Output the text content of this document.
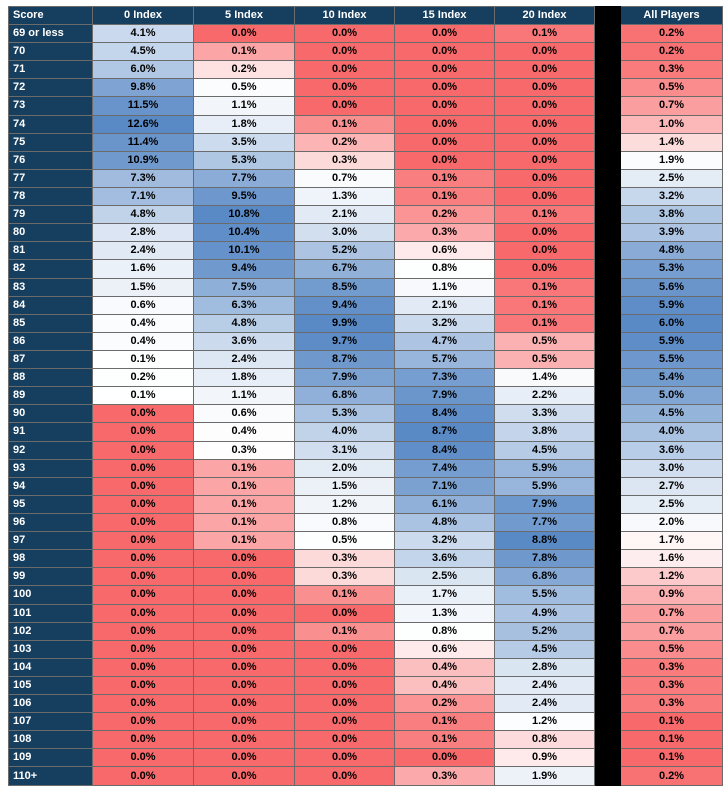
Score	0 Index	5 Index	10 Index	15 Index	20 Index		All Players
69 or less	4.1%	0.0%	0.0%	0.0%	0.1%		0.2%
70	4.5%	0.1%	0.0%	0.0%	0.0%		0.2%
71	6.0%	0.2%	0.0%	0.0%	0.0%		0.3%
72	9.8%	0.5%	0.0%	0.0%	0.0%		0.5%
73	11.5%	1.1%	0.0%	0.0%	0.0%		0.7%
74	12.6%	1.8%	0.1%	0.0%	0.0%		1.0%
75	11.4%	3.5%	0.2%	0.0%	0.0%		1.4%
76	10.9%	5.3%	0.3%	0.0%	0.0%		1.9%
77	7.3%	7.7%	0.7%	0.1%	0.0%		2.5%
78	7.1%	9.5%	1.3%	0.1%	0.0%		3.2%
79	4.8%	10.8%	2.1%	0.2%	0.1%		3.8%
80	2.8%	10.4%	3.0%	0.3%	0.0%		3.9%
81	2.4%	10.1%	5.2%	0.6%	0.0%		4.8%
82	1.6%	9.4%	6.7%	0.8%	0.0%		5.3%
83	1.5%	7.5%	8.5%	1.1%	0.1%		5.6%
84	0.6%	6.3%	9.4%	2.1%	0.1%		5.9%
85	0.4%	4.8%	9.9%	3.2%	0.1%		6.0%
86	0.4%	3.6%	9.7%	4.7%	0.5%		5.9%
87	0.1%	2.4%	8.7%	5.7%	0.5%		5.5%
88	0.2%	1.8%	7.9%	7.3%	1.4%		5.4%
89	0.1%	1.1%	6.8%	7.9%	2.2%		5.0%
90	0.0%	0.6%	5.3%	8.4%	3.3%		4.5%
91	0.0%	0.4%	4.0%	8.7%	3.8%		4.0%
92	0.0%	0.3%	3.1%	8.4%	4.5%		3.6%
93	0.0%	0.1%	2.0%	7.4%	5.9%		3.0%
94	0.0%	0.1%	1.5%	7.1%	5.9%		2.7%
95	0.0%	0.1%	1.2%	6.1%	7.9%		2.5%
96	0.0%	0.1%	0.8%	4.8%	7.7%		2.0%
97	0.0%	0.1%	0.5%	3.2%	8.8%		1.7%
98	0.0%	0.0%	0.3%	3.6%	7.8%		1.6%
99	0.0%	0.0%	0.3%	2.5%	6.8%		1.2%
100	0.0%	0.0%	0.1%	1.7%	5.5%		0.9%
101	0.0%	0.0%	0.0%	1.3%	4.9%		0.7%
102	0.0%	0.0%	0.1%	0.8%	5.2%		0.7%
103	0.0%	0.0%	0.0%	0.6%	4.5%		0.5%
104	0.0%	0.0%	0.0%	0.4%	2.8%		0.3%
105	0.0%	0.0%	0.0%	0.4%	2.4%		0.3%
106	0.0%	0.0%	0.0%	0.2%	2.4%		0.3%
107	0.0%	0.0%	0.0%	0.1%	1.2%		0.1%
108	0.0%	0.0%	0.0%	0.1%	0.8%		0.1%
109	0.0%	0.0%	0.0%	0.0%	0.9%		0.1%
110+	0.0%	0.0%	0.0%	0.3%	1.9%		0.2%
